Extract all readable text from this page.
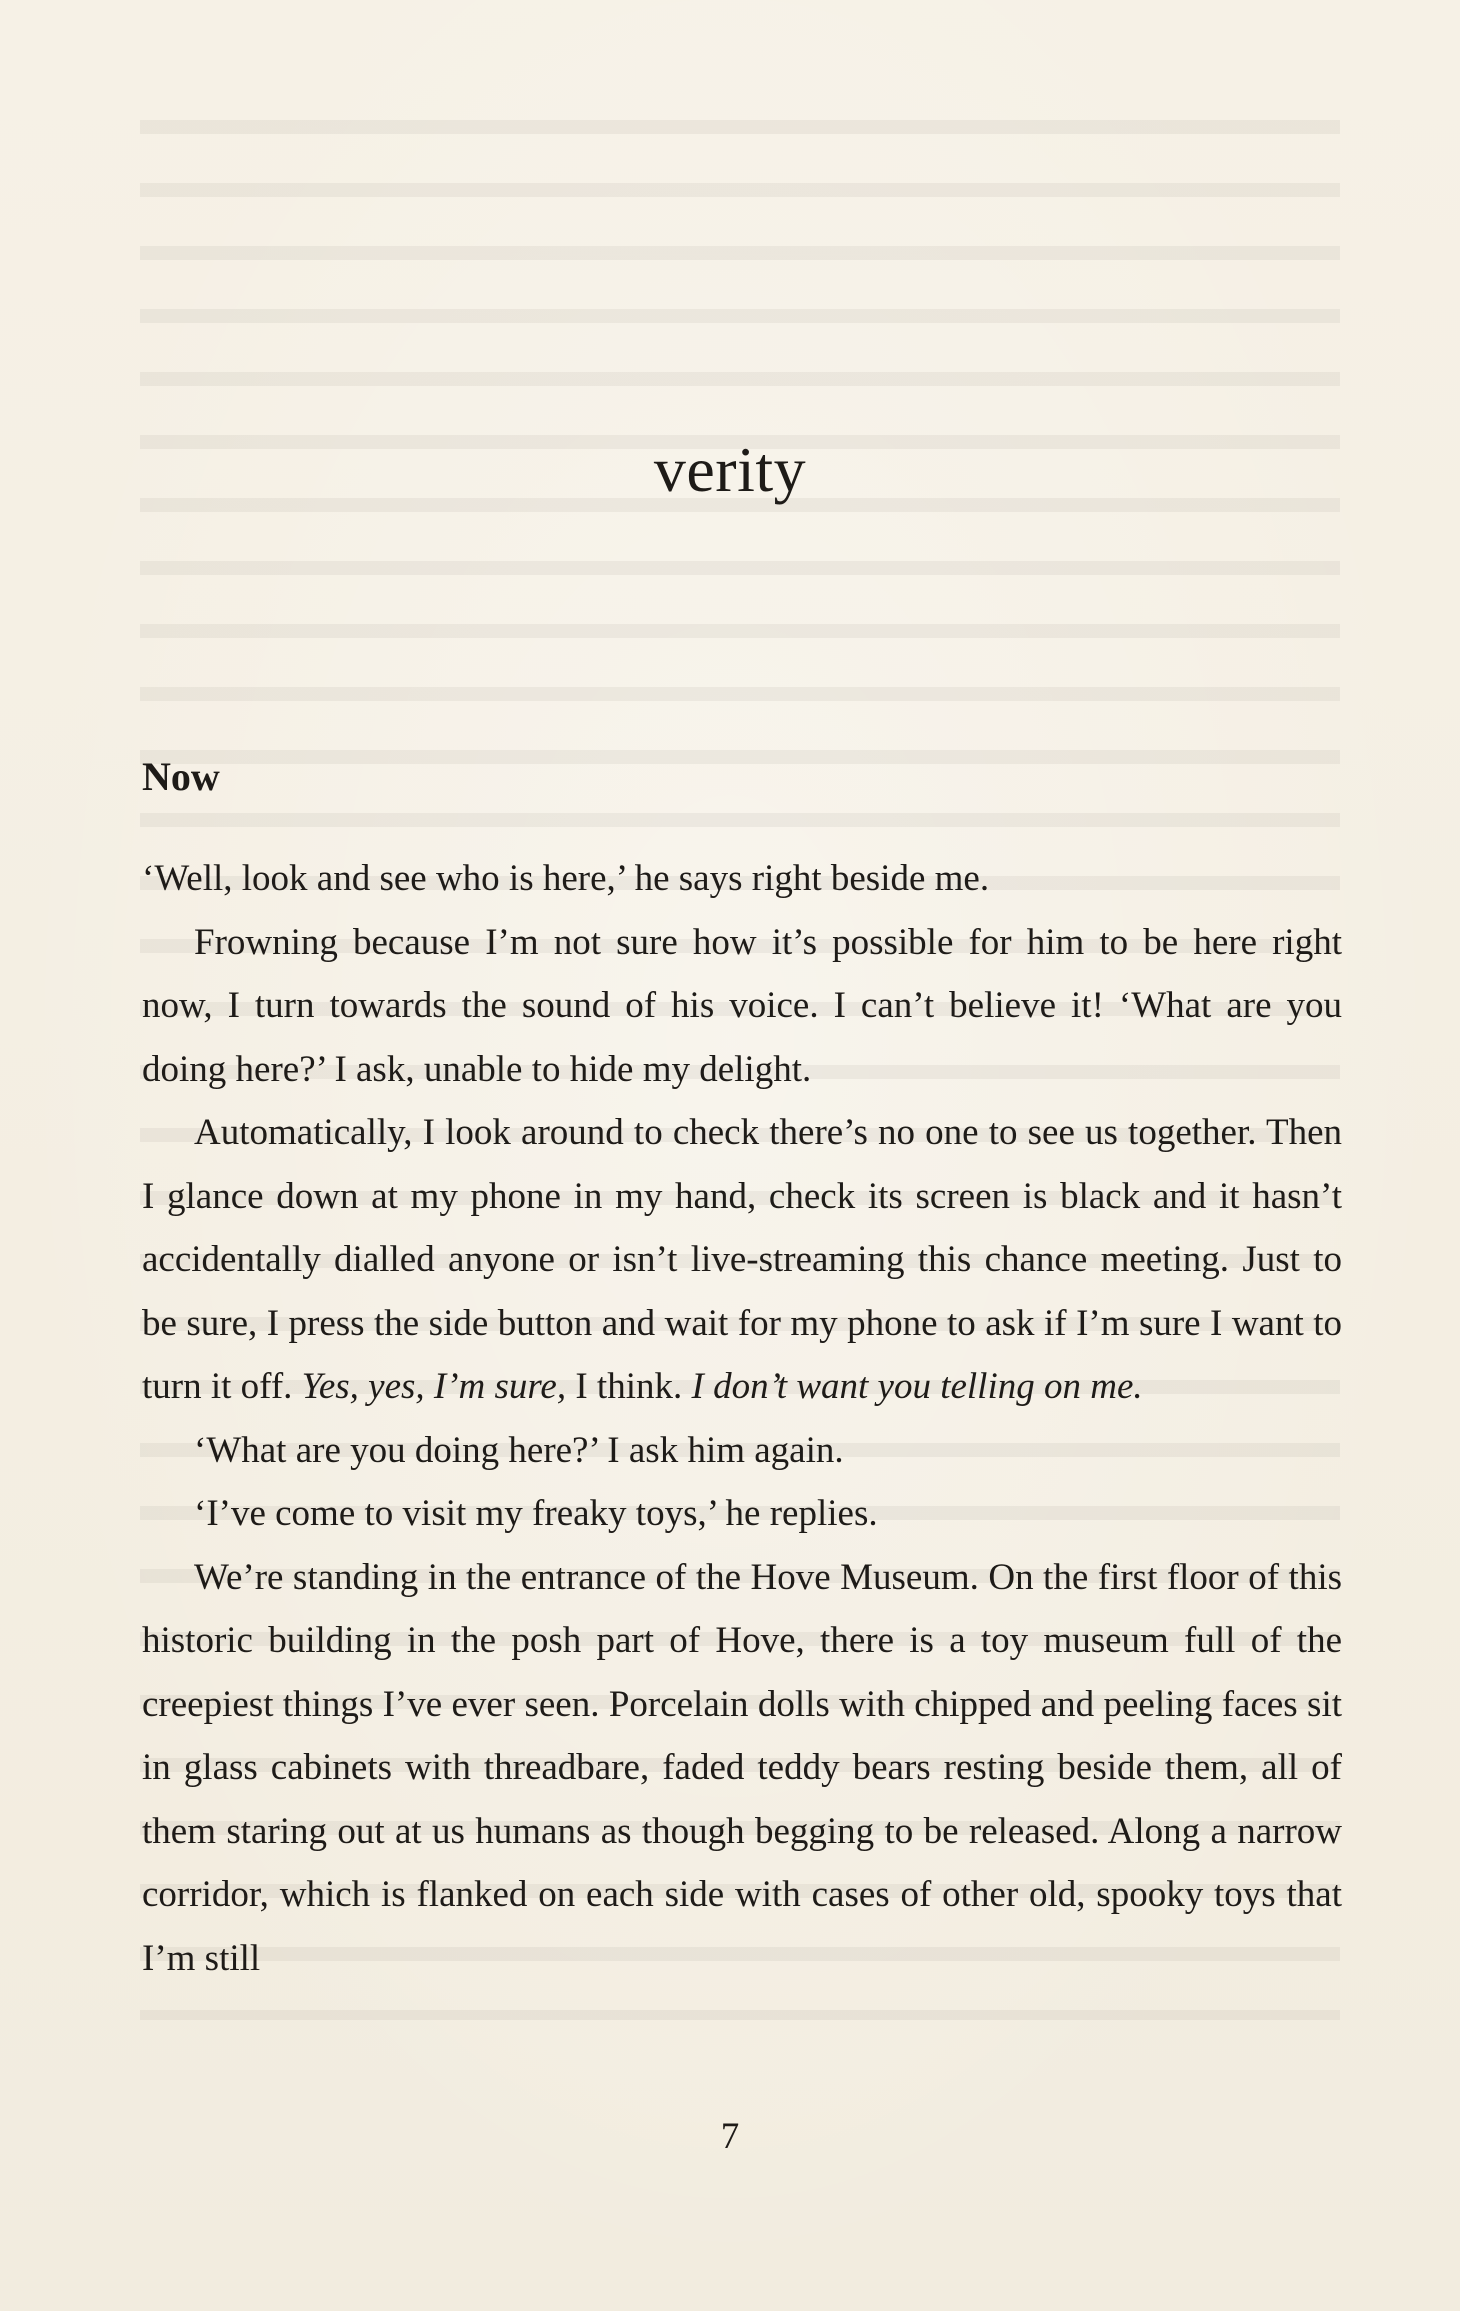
verity
Now

‘Well, look and see who is here,’ he says right beside me.

Frowning because I’m not sure how it’s possible for him to be here right now, I turn towards the sound of his voice. I can’t believe it! ‘What are you doing here?’ I ask, unable to hide my delight.

Automatically, I look around to check there’s no one to see us together. Then I glance down at my phone in my hand, check its screen is black and it hasn’t accidentally dialled anyone or isn’t live-streaming this chance meeting. Just to be sure, I press the side button and wait for my phone to ask if I’m sure I want to turn it off. Yes, yes, I’m sure, I think. I don’t want you telling on me.

‘What are you doing here?’ I ask him again.

‘I’ve come to visit my freaky toys,’ he replies.

We’re standing in the entrance of the Hove Museum. On the first floor of this historic building in the posh part of Hove, there is a toy museum full of the creepiest things I’ve ever seen. Porcelain dolls with chipped and peeling faces sit in glass cabinets with threadbare, faded teddy bears resting beside them, all of them staring out at us humans as though begging to be released. Along a narrow corridor, which is flanked on each side with cases of other old, spooky toys that I’m still

7
